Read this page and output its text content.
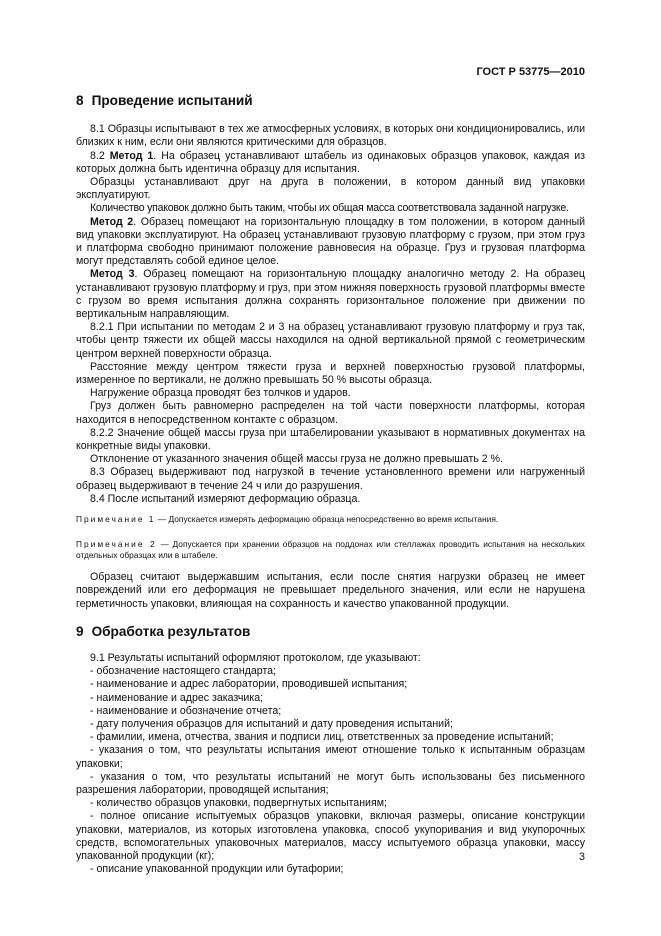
ГОСТ Р 53775—2010
8 Проведение испытаний

8.1 Образцы испытывают в тех же атмосферных условиях, в которых они кондиционировались, или близких к ним, если они являются критическими для образцов.

8.2 Метод 1. На образец устанавливают штабель из одинаковых образцов упаковок, каждая из которых должна быть идентична образцу для испытания.

Образцы устанавливают друг на друга в положении, в котором данный вид упаковки эксплуатируют.

Количество упаковок должно быть таким, чтобы их общая масса соответствовала заданной нагрузке.

Метод 2. Образец помещают на горизонтальную площадку в том положении, в котором данный вид упаковки эксплуатируют. На образец устанавливают грузовую платформу с грузом, при этом груз и платформа свободно принимают положение равновесия на образце. Груз и грузовая платформа могут представлять собой единое целое.

Метод 3. Образец помещают на горизонтальную площадку аналогично методу 2. На образец устанавливают грузовую платформу и груз, при этом нижняя поверхность грузовой платформы вместе с грузом во время испытания должна сохранять горизонтальное положение при движении по вертикальным направляющим.

8.2.1 При испытании по методам 2 и 3 на образец устанавливают грузовую платформу и груз так, чтобы центр тяжести их общей массы находился на одной вертикальной прямой с геометрическим центром верхней поверхности образца.

Расстояние между центром тяжести груза и верхней поверхностью грузовой платформы, измеренное по вертикали, не должно превышать 50 % высоты образца.

Нагружение образца проводят без толчков и ударов.

Груз должен быть равномерно распределен на той части поверхности платформы, которая находится в непосредственном контакте с образцом.

8.2.2 Значение общей массы груза при штабелировании указывают в нормативных документах на конкретные виды упаковки.

Отклонение от указанного значения общей массы груза не должно превышать 2 %.

8.3 Образец выдерживают под нагрузкой в течение установленного времени или нагруженный образец выдерживают в течение 24 ч или до разрушения.

8.4 После испытаний измеряют деформацию образца.

Примечание 1 — Допускается измерять деформацию образца непосредственно во время испытания.

Примечание 2 — Допускается при хранении образцов на поддонах или стеллажах проводить испытания на нескольких отдельных образцах или в штабеле.

Образец считают выдержавшим испытания, если после снятия нагрузки образец не имеет повреждений или его деформация не превышает предельного значения, или если не нарушена герметичность упаковки, влияющая на сохранность и качество упакованной продукции.

9 Обработка результатов

9.1 Результаты испытаний оформляют протоколом, где указывают:

- обозначение настоящего стандарта;

- наименование и адрес лаборатории, проводившей испытания;

- наименование и адрес заказчика;

- наименование и обозначение отчета;

- дату получения образцов для испытаний и дату проведения испытаний;

- фамилии, имена, отчества, звания и подписи лиц, ответственных за проведение испытаний;

- указания о том, что результаты испытания имеют отношение только к испытанным образцам упаковки;

- указания о том, что результаты испытаний не могут быть использованы без письменного разрешения лаборатории, проводящей испытания;

- количество образцов упаковки, подвергнутых испытаниям;

- полное описание испытуемых образцов упаковки, включая размеры, описание конструкции упаковки, материалов, из которых изготовлена упаковка, способ укупоривания и вид укупорочных средств, вспомогательных упаковочных материалов, массу испытуемого образца упаковки, массу упакованной продукции (кг);

- описание упакованной продукции или бутафории;

3
